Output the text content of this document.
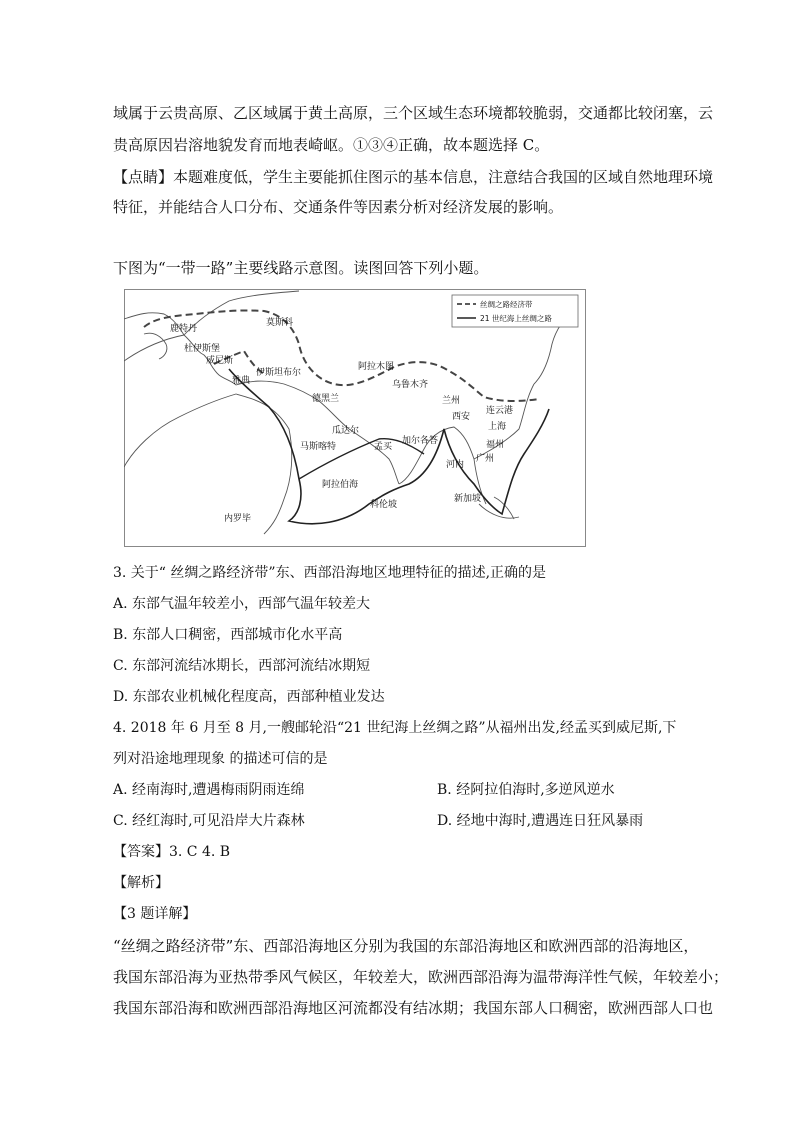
域属于云贵高原、乙区域属于黄土高原，三个区域生态环境都较脆弱，交通都比较闭塞，云
贵高原因岩溶地貌发育而地表崎岖。①③④正确，故本题选择 C。
【点睛】本题难度低，学生主要能抓住图示的基本信息，注意结合我国的区域自然地理环境
特征，并能结合人口分布、交通条件等因素分析对经济发展的影响。
下图为“一带一路”主要线路示意图。读图回答下列小题。
丝绸之路经济带
21 世纪海上丝绸之路
莫斯科
鹿特丹
杜伊斯堡
威尼斯
伊斯坦布尔
雅典
德黑兰
阿拉木图
乌鲁木齐
兰州
西安
连云港
上海
福州
广州
瓜达尔
马斯喀特	孟买
加尔各答
河内
科伦坡
阿拉伯海
新加坡
内罗毕
3. 关于“ 丝绸之路经济带”东、西部沿海地区地理特征的描述,正确的是
A. 东部气温年较差小，西部气温年较差大
B. 东部人口稠密，西部城市化水平高
C. 东部河流结冰期长，西部河流结冰期短
D. 东部农业机械化程度高，西部种植业发达
4. 2018 年 6 月至 8 月,一艘邮轮沿“21 世纪海上丝绸之路”从福州出发,经孟买到威尼斯,下
列对沿途地理现象 的描述可信的是
A. 经南海时,遭遇梅雨阴雨连绵	B. 经阿拉伯海时,多逆风逆水
C. 经红海时,可见沿岸大片森林	D. 经地中海时,遭遇连日狂风暴雨
【答案】3. C 4. B
【解析】
【3 题详解】
“丝绸之路经济带”东、西部沿海地区分别为我国的东部沿海地区和欧洲西部的沿海地区，
我国东部沿海为亚热带季风气候区，年较差大，欧洲西部沿海为温带海洋性气候，年较差小；
我国东部沿海和欧洲西部沿海地区河流都没有结冰期；我国东部人口稠密，欧洲西部人口也
